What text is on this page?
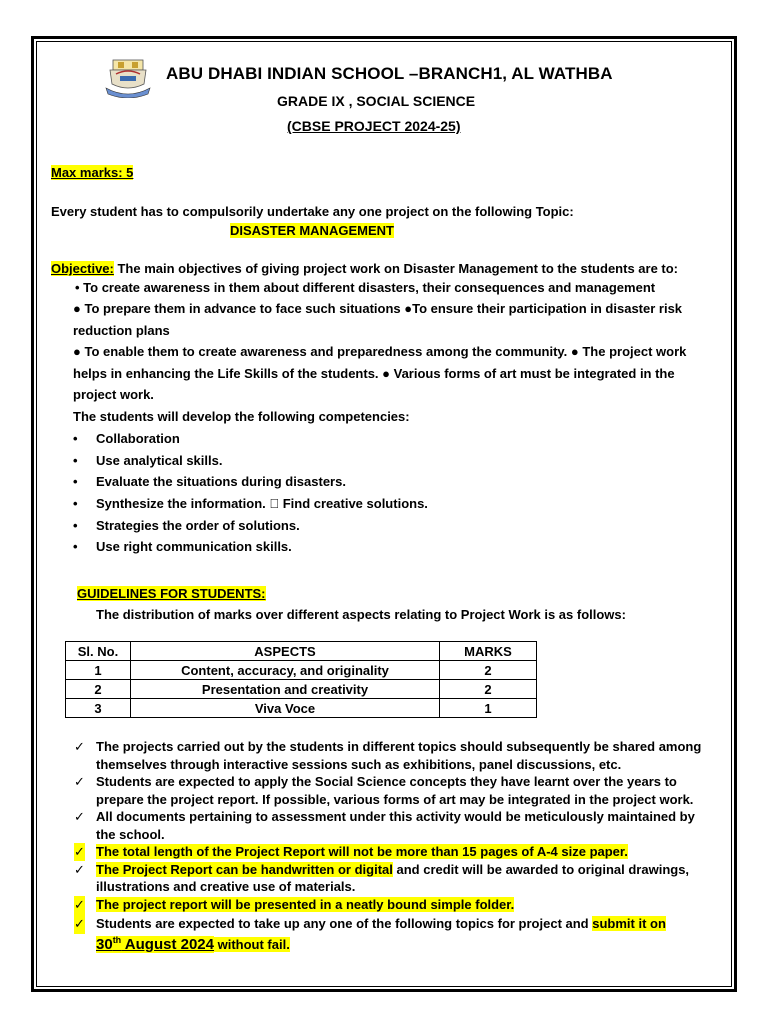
ABU DHABI INDIAN SCHOOL –BRANCH1, AL WATHBA
GRADE IX , SOCIAL SCIENCE
(CBSE PROJECT 2024-25)
Max marks: 5
Every student has to compulsorily undertake any one project on the following Topic:
DISASTER MANAGEMENT
Objective: The main objectives of giving project work on Disaster Management to the students are to:
• To create awareness in them about different disasters, their consequences and management

● To prepare them in advance to face such situations ●To ensure their participation in disaster risk reduction plans

● To enable them to create awareness and preparedness among the community. ● The project work helps in enhancing the Life Skills of the students. ● Various forms of art must be integrated in the project work.

The students will develop the following competencies:

• Collaboration
• Use analytical skills.
• Evaluate the situations during disasters.
• Synthesize the information.   Find creative solutions.
• Strategies the order of solutions.
• Use right communication skills.
GUIDELINES FOR STUDENTS:
The distribution of marks over different aspects relating to Project Work is as follows:
Sl. No.	ASPECTS	MARKS
1	Content, accuracy, and originality	2
2	Presentation and creativity	2
3	Viva Voce	1
✓ The projects carried out by the students in different topics should subsequently be shared among themselves through interactive sessions such as exhibitions, panel discussions, etc.
✓ Students are expected to apply the Social Science concepts they have learnt over the years to prepare the project report. If possible, various forms of art may be integrated in the project work.
✓ All documents pertaining to assessment under this activity would be meticulously maintained by the school.
✓ The total length of the Project Report will not be more than 15 pages of A-4 size paper.
✓ The Project Report can be handwritten or digital and credit will be awarded to original drawings, illustrations and creative use of materials.
✓ The project report will be presented in a neatly bound simple folder.
✓ Students are expected to take up any one of the following topics for project and submit it on
30th August 2024 without fail.
